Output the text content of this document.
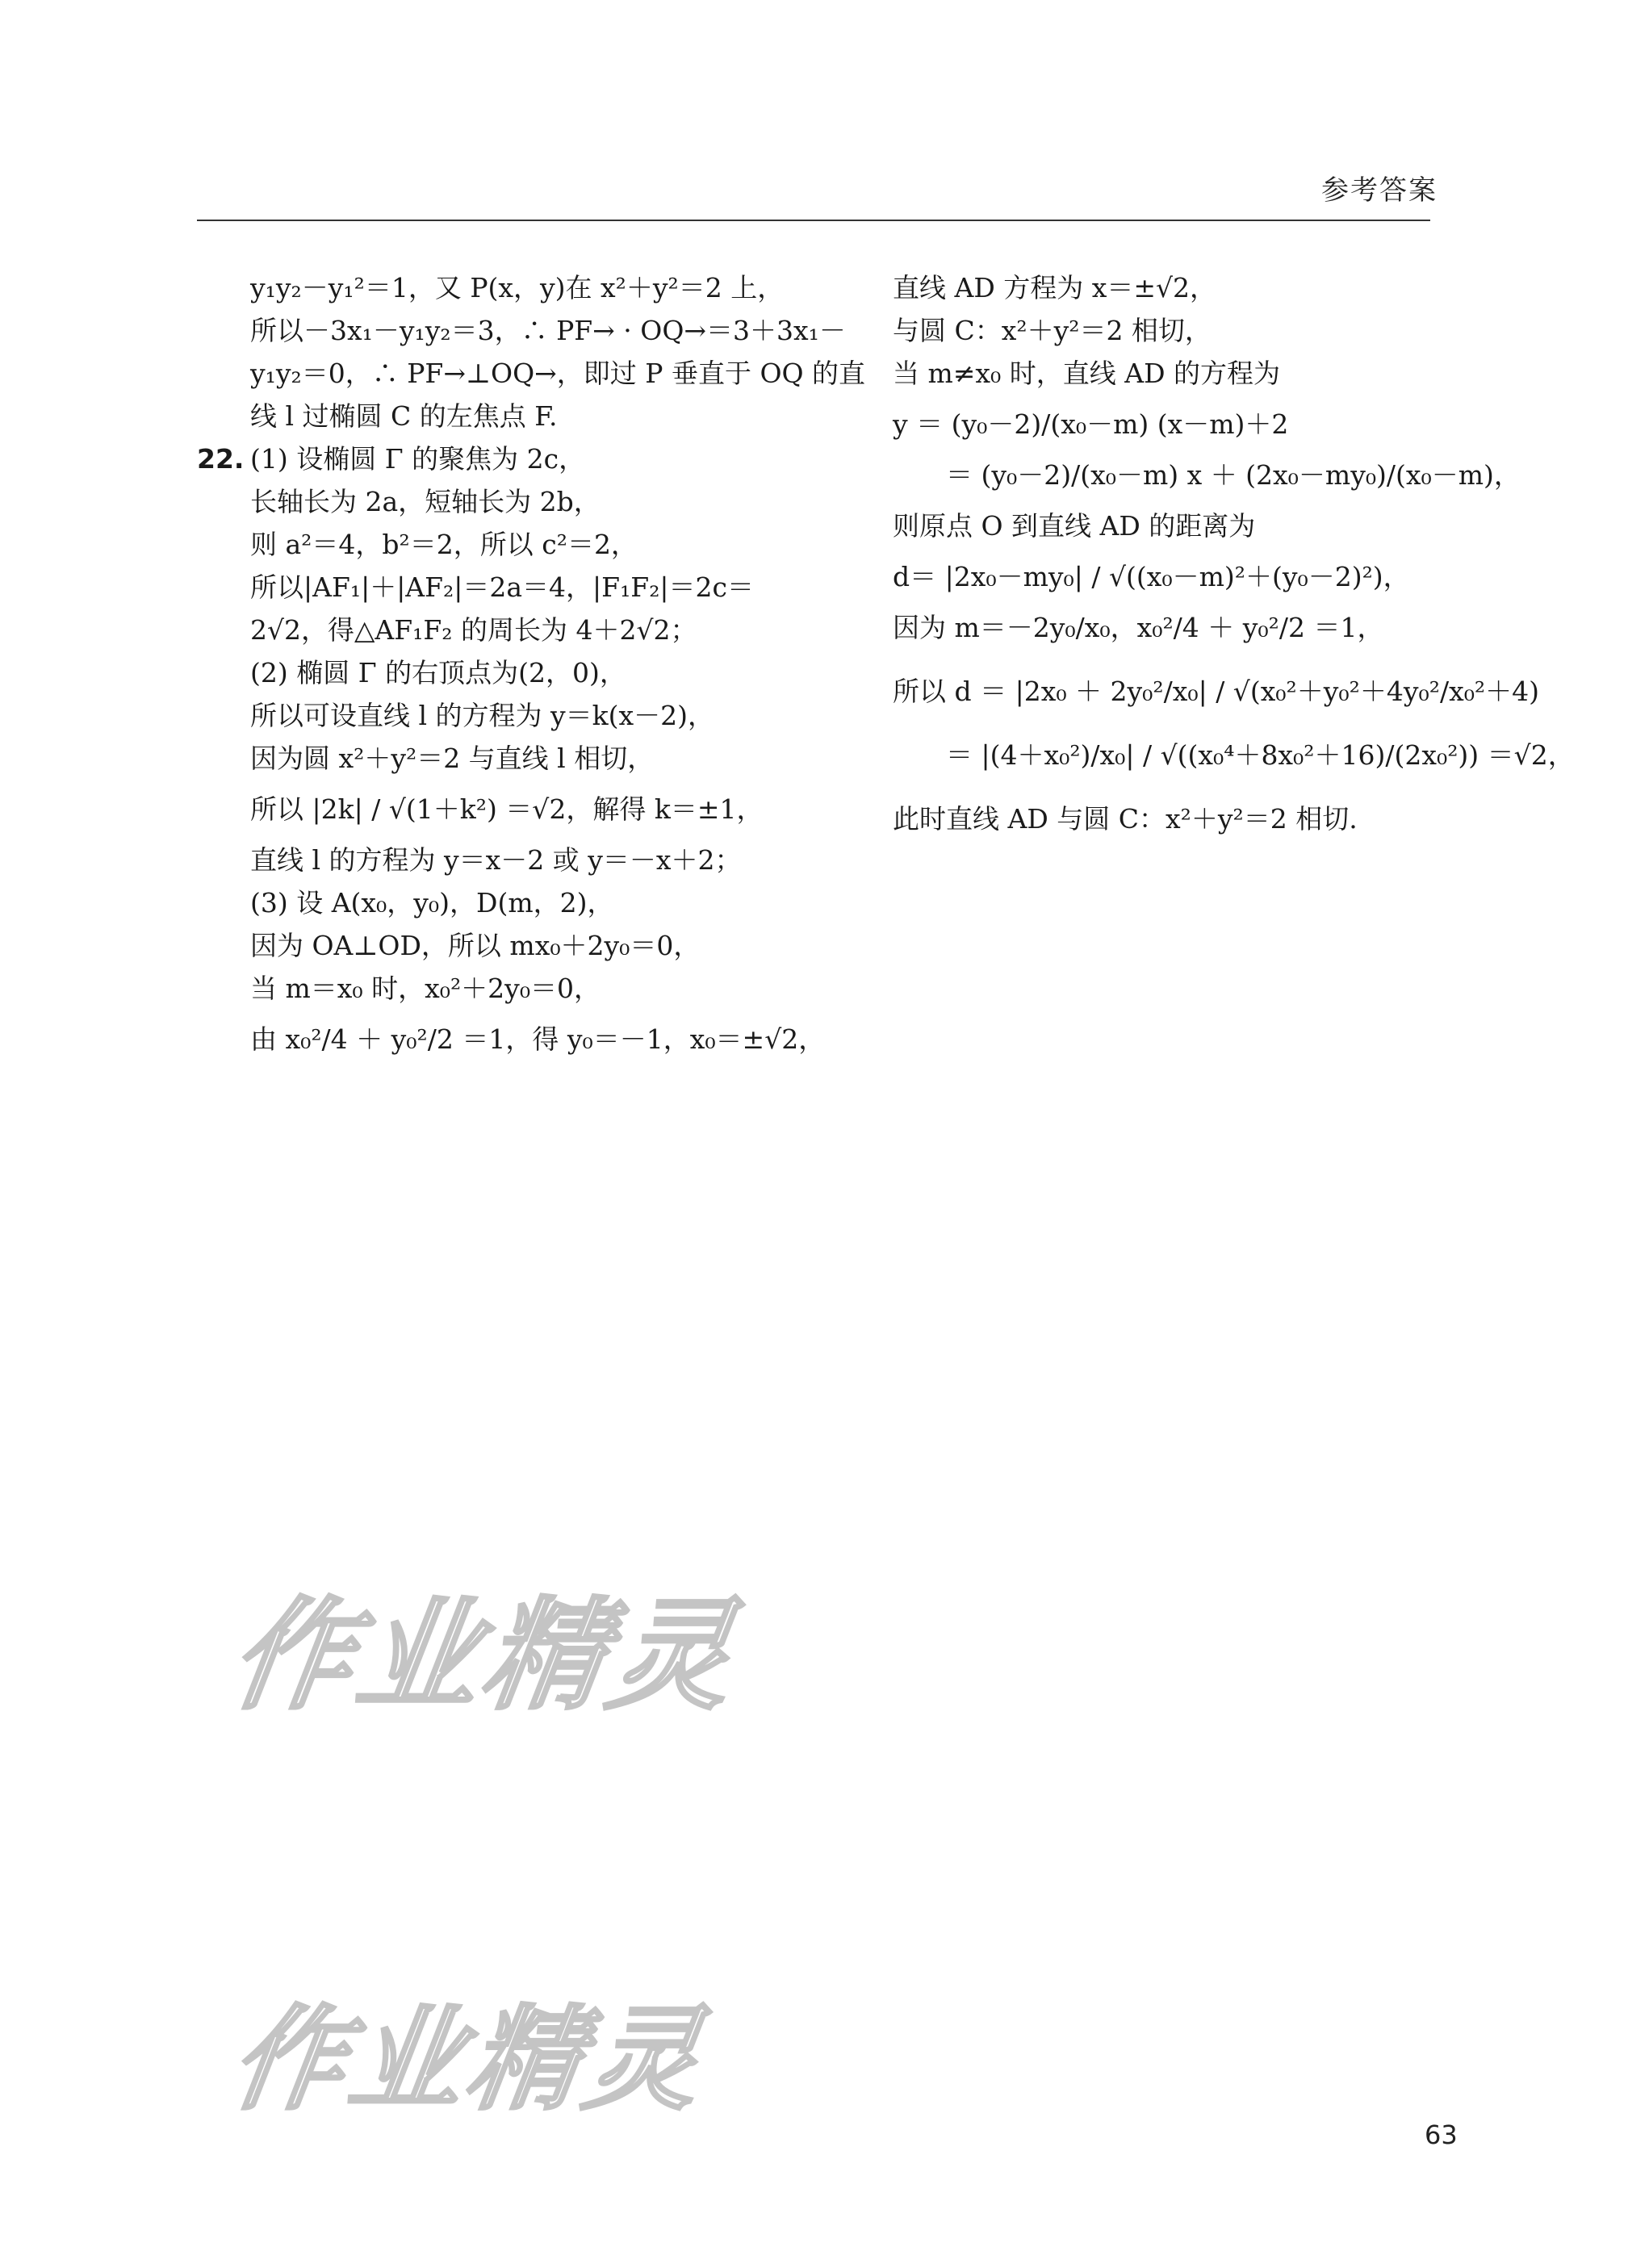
参考答案
y₁y₂－y₁²＝1，又 P(x，y)在 x²＋y²＝2 上，
所以－3x₁－y₁y₂＝3，∴ PF→ · OQ→＝3＋3x₁－
y₁y₂＝0，∴ PF→⊥OQ→，即过 P 垂直于 OQ 的直
线 l 过椭圆 C 的左焦点 F.
22. (1) 设椭圆 Γ 的聚焦为 2c，
长轴长为 2a，短轴长为 2b，
则 a²＝4，b²＝2，所以 c²＝2，
所以|AF₁|＋|AF₂|＝2a＝4，|F₁F₂|＝2c＝
2√2，得△AF₁F₂ 的周长为 4＋2√2；
(2) 椭圆 Γ 的右顶点为(2，0)，
所以可设直线 l 的方程为 y＝k(x－2)，
因为圆 x²＋y²＝2 与直线 l 相切，
所以 |2k| / √(1＋k²) ＝√2，解得 k＝±1，
直线 l 的方程为 y＝x－2 或 y＝－x＋2；
(3) 设 A(x₀，y₀)，D(m，2)，
因为 OA⊥OD，所以 mx₀＋2y₀＝0，
当 m＝x₀ 时，x₀²＋2y₀＝0，
由 x₀²/4 ＋ y₀²/2 ＝1，得 y₀＝－1，x₀＝±√2，
直线 AD 方程为 x＝±√2，
与圆 C：x²＋y²＝2 相切，
当 m≠x₀ 时，直线 AD 的方程为
y ＝ (y₀－2)/(x₀－m) (x－m)＋2
＝ (y₀－2)/(x₀－m) x ＋ (2x₀－my₀)/(x₀－m)，
则原点 O 到直线 AD 的距离为
d＝ |2x₀－my₀| / √((x₀－m)²＋(y₀－2)²)，
因为 m＝－2y₀/x₀，x₀²/4 ＋ y₀²/2 ＝1，
所以 d ＝ |2x₀ ＋ 2y₀²/x₀| / √(x₀²＋y₀²＋4y₀²/x₀²＋4)
＝ |(4＋x₀²)/x₀| / √((x₀⁴＋8x₀²＋16)/(2x₀²)) ＝√2，
此时直线 AD 与圆 C：x²＋y²＝2 相切.
作业精灵
作业精灵
63
